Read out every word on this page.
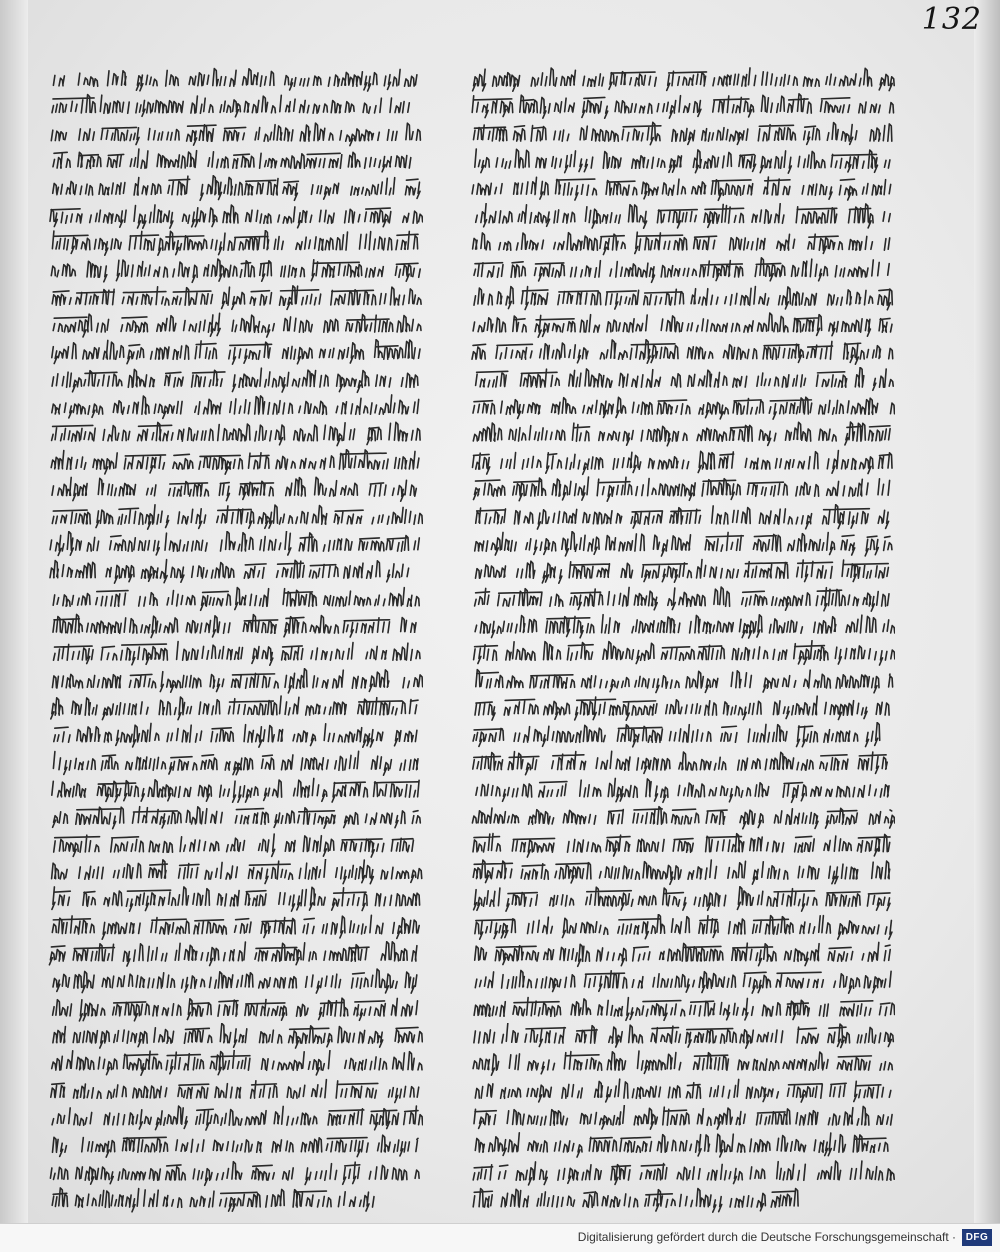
132
Digitalisierung gefördert durch die Deutsche Forschungsgemeinschaft · DFG
